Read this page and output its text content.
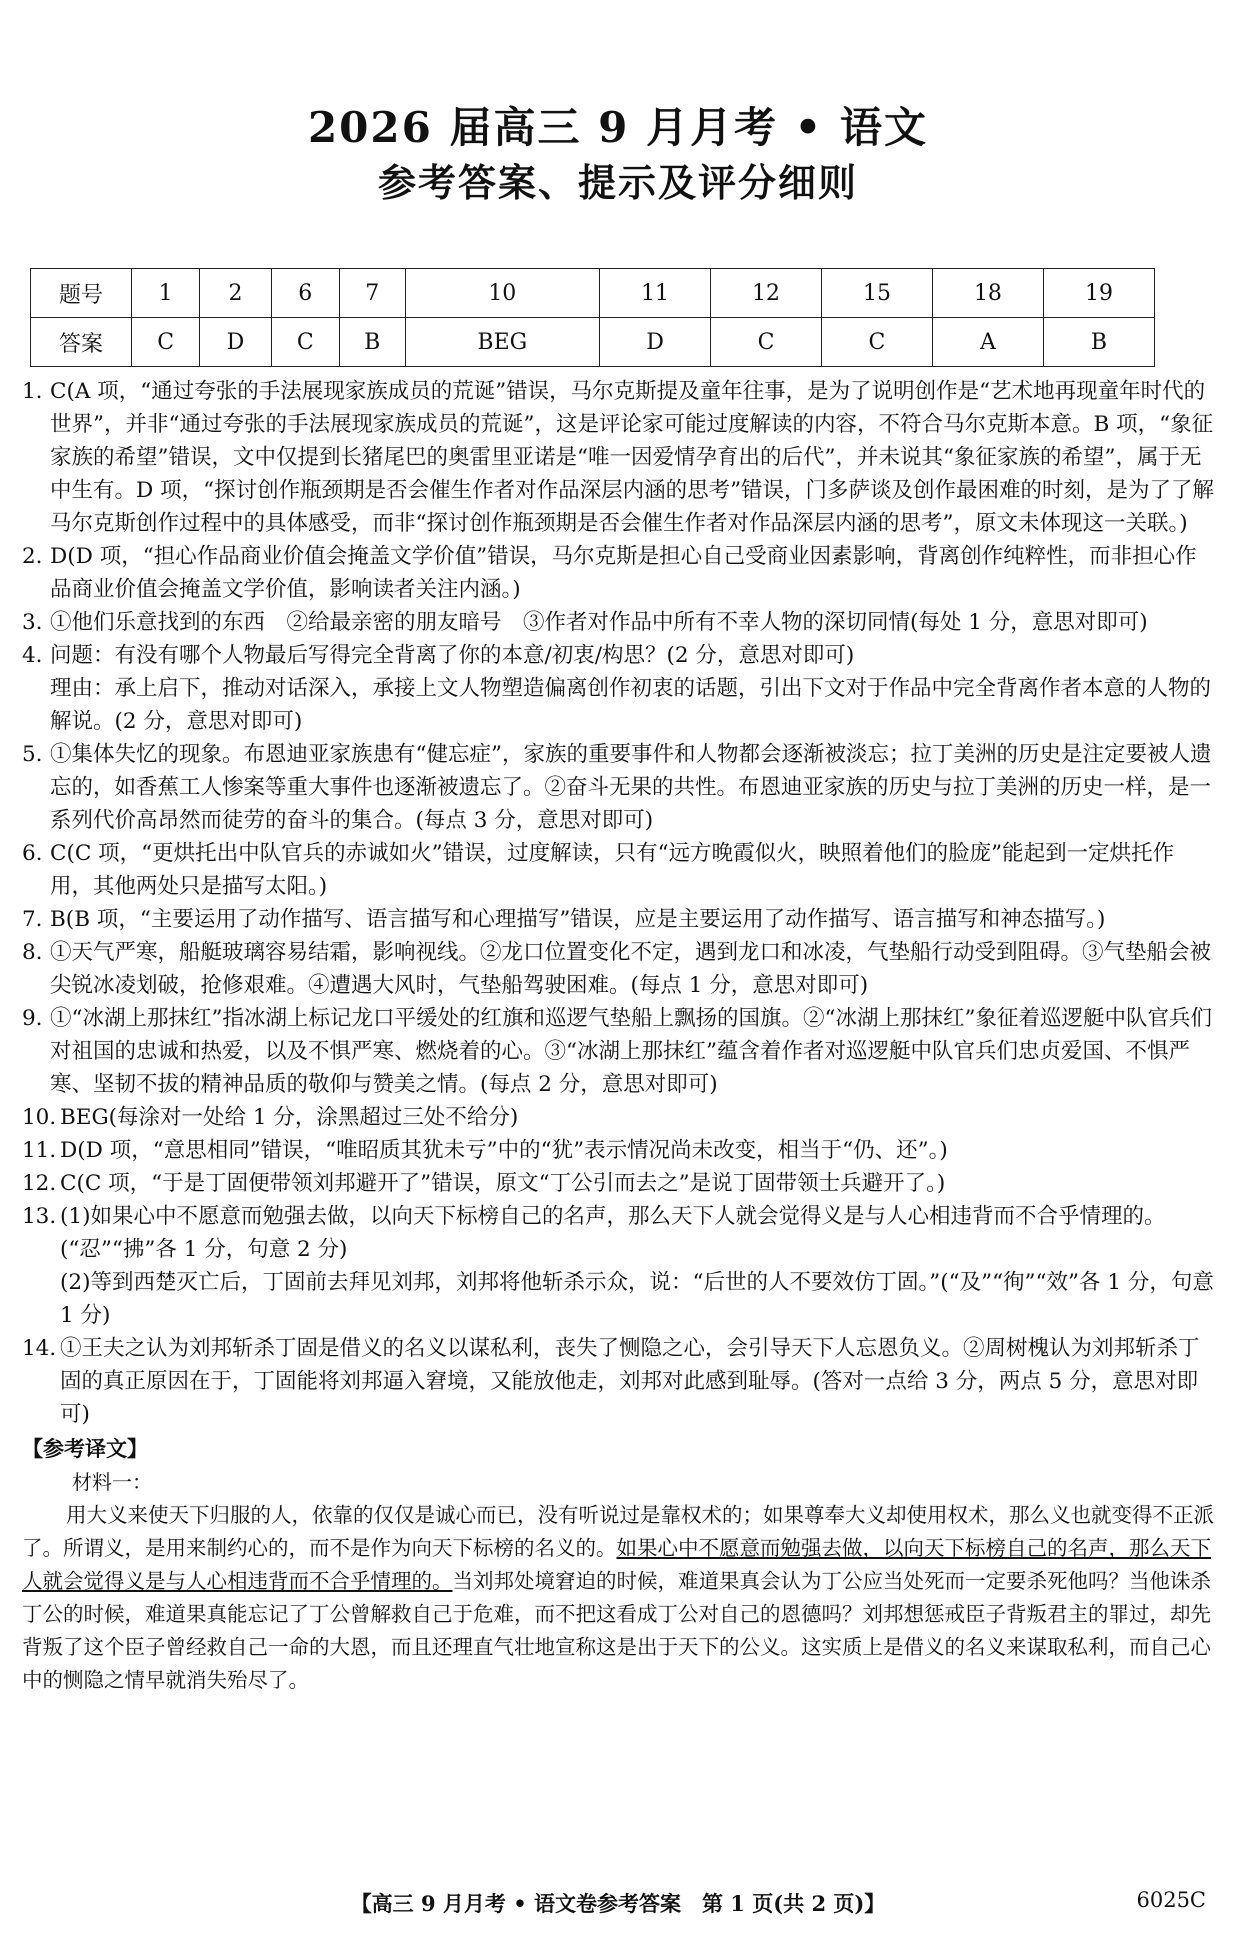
2026 届高三 9 月月考 • 语文
参考答案、提示及评分细则
题号	1	2	6	7	10	11	12	15	18	19
答案	C	D	C	B	BEG	D	C	C	A	B
1. C(A 项，“通过夸张的手法展现家族成员的荒诞”错误，马尔克斯提及童年往事，是为了说明创作是“艺术地再现童年时代的世界”，并非“通过夸张的手法展现家族成员的荒诞”，这是评论家可能过度解读的内容，不符合马尔克斯本意。B 项，“象征家族的希望”错误，文中仅提到长猪尾巴的奥雷里亚诺是“唯一因爱情孕育出的后代”，并未说其“象征家族的希望”，属于无中生有。D 项，“探讨创作瓶颈期是否会催生作者对作品深层内涵的思考”错误，门多萨谈及创作最困难的时刻，是为了了解马尔克斯创作过程中的具体感受，而非“探讨创作瓶颈期是否会催生作者对作品深层内涵的思考”，原文未体现这一关联。)
2. D(D 项，“担心作品商业价值会掩盖文学价值”错误，马尔克斯是担心自己受商业因素影响，背离创作纯粹性，而非担心作品商业价值会掩盖文学价值，影响读者关注内涵。)
3. ①他们乐意找到的东西　②给最亲密的朋友暗号　③作者对作品中所有不幸人物的深切同情(每处 1 分，意思对即可)
4. 问题：有没有哪个人物最后写得完全背离了你的本意/初衷/构思？(2 分，意思对即可)

理由：承上启下，推动对话深入，承接上文人物塑造偏离创作初衷的话题，引出下文对于作品中完全背离作者本意的人物的解说。(2 分，意思对即可)

5. ①集体失忆的现象。布恩迪亚家族患有“健忘症”，家族的重要事件和人物都会逐渐被淡忘；拉丁美洲的历史是注定要被人遗忘的，如香蕉工人惨案等重大事件也逐渐被遗忘了。②奋斗无果的共性。布恩迪亚家族的历史与拉丁美洲的历史一样，是一系列代价高昂然而徒劳的奋斗的集合。(每点 3 分，意思对即可)
6. C(C 项，“更烘托出中队官兵的赤诚如火”错误，过度解读，只有“远方晚霞似火，映照着他们的脸庞”能起到一定烘托作用，其他两处只是描写太阳。)
7. B(B 项，“主要运用了动作描写、语言描写和心理描写”错误，应是主要运用了动作描写、语言描写和神态描写。)
8. ①天气严寒，船艇玻璃容易结霜，影响视线。②龙口位置变化不定，遇到龙口和冰凌，气垫船行动受到阻碍。③气垫船会被尖锐冰凌划破，抢修艰难。④遭遇大风时，气垫船驾驶困难。(每点 1 分，意思对即可)
9. ①“冰湖上那抹红”指冰湖上标记龙口平缓处的红旗和巡逻气垫船上飘扬的国旗。②“冰湖上那抹红”象征着巡逻艇中队官兵们对祖国的忠诚和热爱，以及不惧严寒、燃烧着的心。③“冰湖上那抹红”蕴含着作者对巡逻艇中队官兵们忠贞爱国、不惧严寒、坚韧不拔的精神品质的敬仰与赞美之情。(每点 2 分，意思对即可)
10. BEG(每涂对一处给 1 分，涂黑超过三处不给分)
11. D(D 项，“意思相同”错误，“唯昭质其犹未亏”中的“犹”表示情况尚未改变，相当于“仍、还”。)
12. C(C 项，“于是丁固便带领刘邦避开了”错误，原文“丁公引而去之”是说丁固带领士兵避开了。)
13. (1)如果心中不愿意而勉强去做，以向天下标榜自己的名声，那么天下人就会觉得义是与人心相违背而不合乎情理的。(“忍”“拂”各 1 分，句意 2 分)

(2)等到西楚灭亡后，丁固前去拜见刘邦，刘邦将他斩杀示众，说：“后世的人不要效仿丁固。”(“及”“徇”“效”各 1 分，句意 1 分)

14. ①王夫之认为刘邦斩杀丁固是借义的名义以谋私利，丧失了恻隐之心，会引导天下人忘恩负义。②周树槐认为刘邦斩杀丁固的真正原因在于，丁固能将刘邦逼入窘境，又能放他走，刘邦对此感到耻辱。(答对一点给 3 分，两点 5 分，意思对即可)

【参考译文】

材料一：

用大义来使天下归服的人，依靠的仅仅是诚心而已，没有听说过是靠权术的；如果尊奉大义却使用权术，那么义也就变得不正派了。所谓义，是用来制约心的，而不是作为向天下标榜的名义的。如果心中不愿意而勉强去做，以向天下标榜自己的名声，那么天下人就会觉得义是与人心相违背而不合乎情理的。当刘邦处境窘迫的时候，难道果真会认为丁公应当处死而一定要杀死他吗？当他诛杀丁公的时候，难道果真能忘记了丁公曾解救自己于危难，而不把这看成丁公对自己的恩德吗？刘邦想惩戒臣子背叛君主的罪过，却先背叛了这个臣子曾经救自己一命的大恩，而且还理直气壮地宣称这是出于天下的公义。这实质上是借义的名义来谋取私利，而自己心中的恻隐之情早就消失殆尽了。

【高三 9 月月考 • 语文卷参考答案　第 1 页(共 2 页)】	6025C
